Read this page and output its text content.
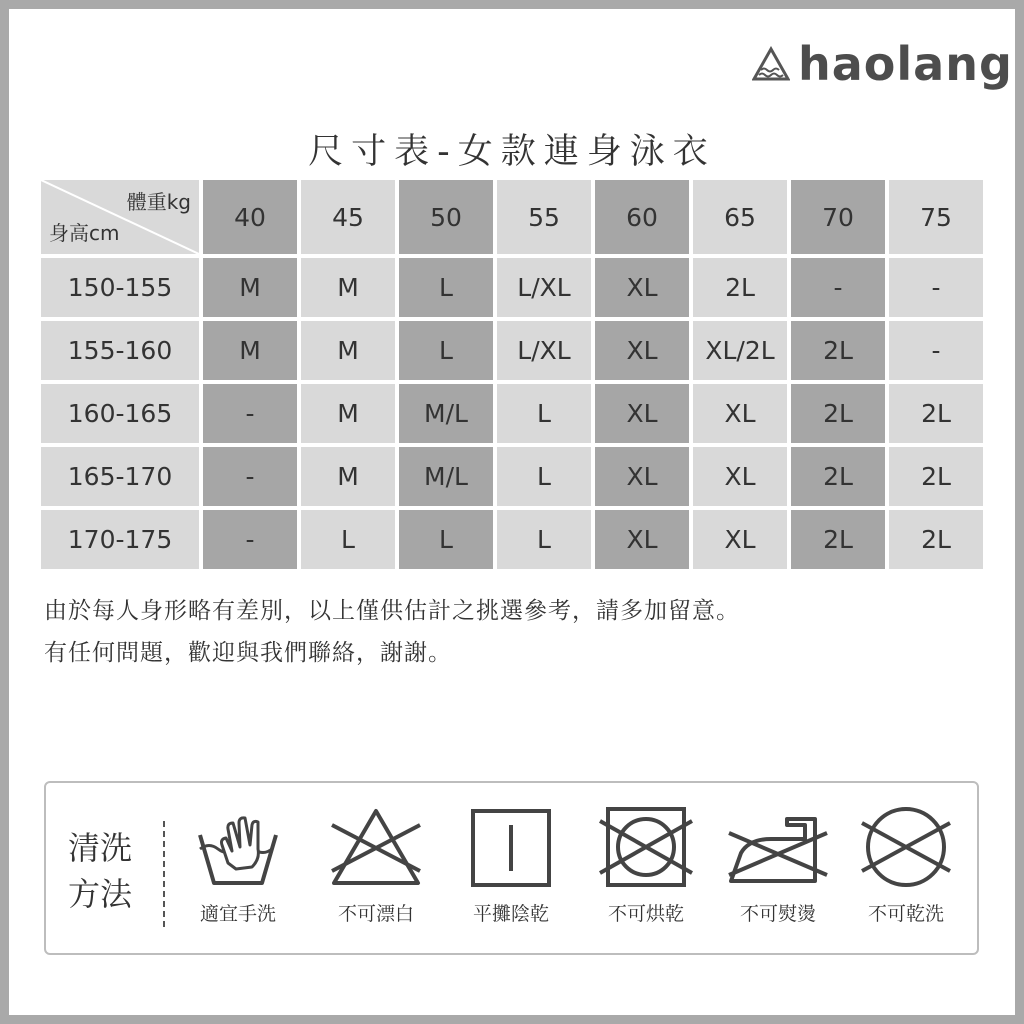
haolang
尺寸表-女款連身泳衣
體重kg
身高cm	40	45	50	55	60	65	70	75
150-155	M	M	L	L/XL	XL	2L	-	-
155-160	M	M	L	L/XL	XL	XL/2L	2L	-
160-165	-	M	M/L	L	XL	XL	2L	2L
165-170	-	M	M/L	L	XL	XL	2L	2L
170-175	-	L	L	L	XL	XL	2L	2L

由於每人身形略有差別，以上僅供估計之挑選參考，請多加留意。

有任何問題，歡迎與我們聯絡，謝謝。

清洗
方法
適宜手洗	不可漂白	平攤陰乾	不可烘乾	不可熨燙	不可乾洗
